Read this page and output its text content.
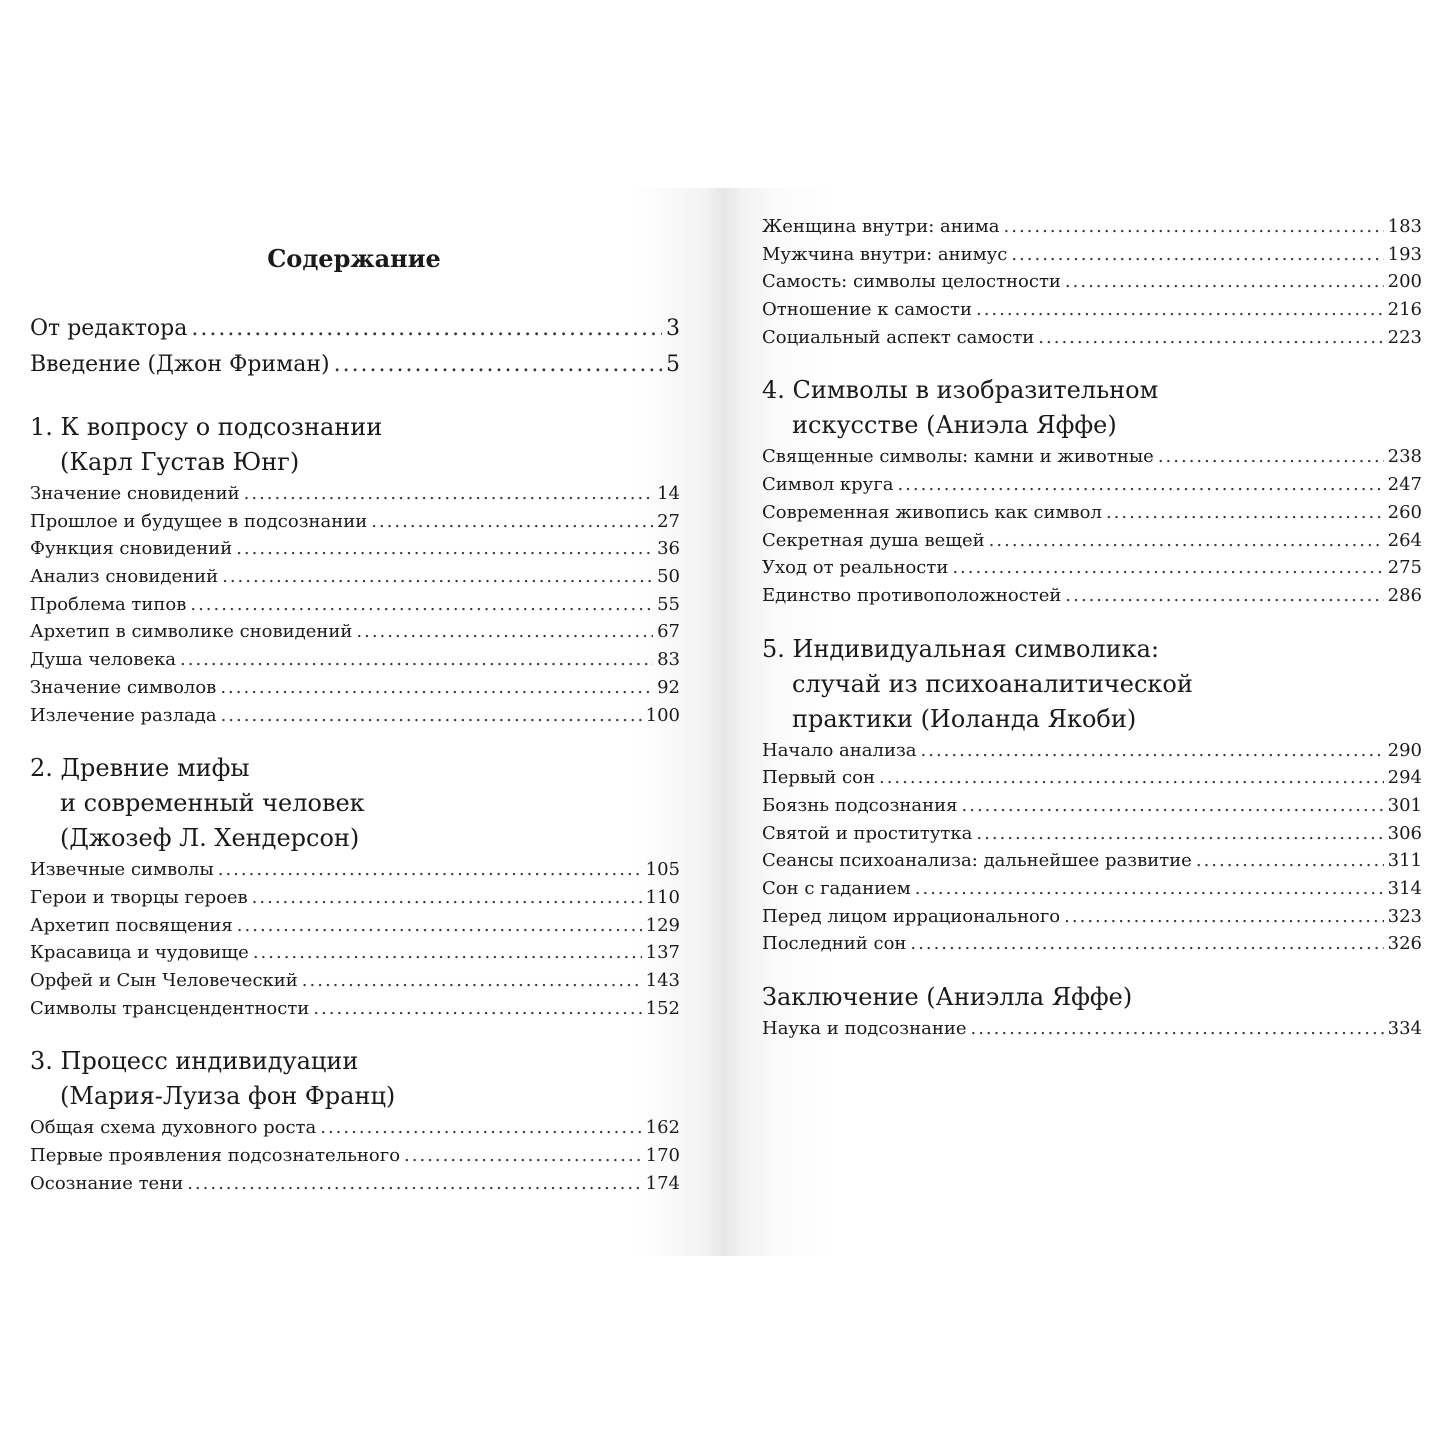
Содержание
От редактора .....	3
Введение (Джон Фриман) .....	5
1. К вопросу о подсознании
(Карл Густав Юнг)
Значение сновидений .....	14
Прошлое и будущее в подсознании .....	27
Функция сновидений .....	36
Анализ сновидений .....	50
Проблема типов .....	55
Архетип в символике сновидений .....	67
Душа человека .....	83
Значение символов .....	92
Излечение разлада .....	100
2. Древние мифы
и современный человек
(Джозеф Л. Хендерсон)
Извечные символы .....	105
Герои и творцы героев .....	110
Архетип посвящения .....	129
Красавица и чудовище .....	137
Орфей и Сын Человеческий .....	143
Символы трансцендентности .....	152
3. Процесс индивидуации
(Мария-Луиза фон Франц)
Общая схема духовного роста .....	162
Первые проявления подсознательного .....	170
Осознание тени .....	174
Женщина внутри: анима .....	183
Мужчина внутри: анимус .....	193
Самость: символы целостности .....	200
Отношение к самости .....	216
Социальный аспект самости .....	223
4. Символы в изобразительном
искусстве (Аниэла Яффе)
Священные символы: камни и животные .....	238
Символ круга .....	247
Современная живопись как символ .....	260
Секретная душа вещей .....	264
Уход от реальности .....	275
Единство противоположностей .....	286
5. Индивидуальная символика:
случай из психоаналитической
практики (Иоланда Якоби)
Начало анализа .....	290
Первый сон .....	294
Боязнь подсознания .....	301
Святой и проститутка .....	306
Сеансы психоанализа: дальнейшее развитие .....	311
Сон с гаданием .....	314
Перед лицом иррационального .....	323
Последний сон .....	326
Заключение (Аниэлла Яффе)
Наука и подсознание .....	334
